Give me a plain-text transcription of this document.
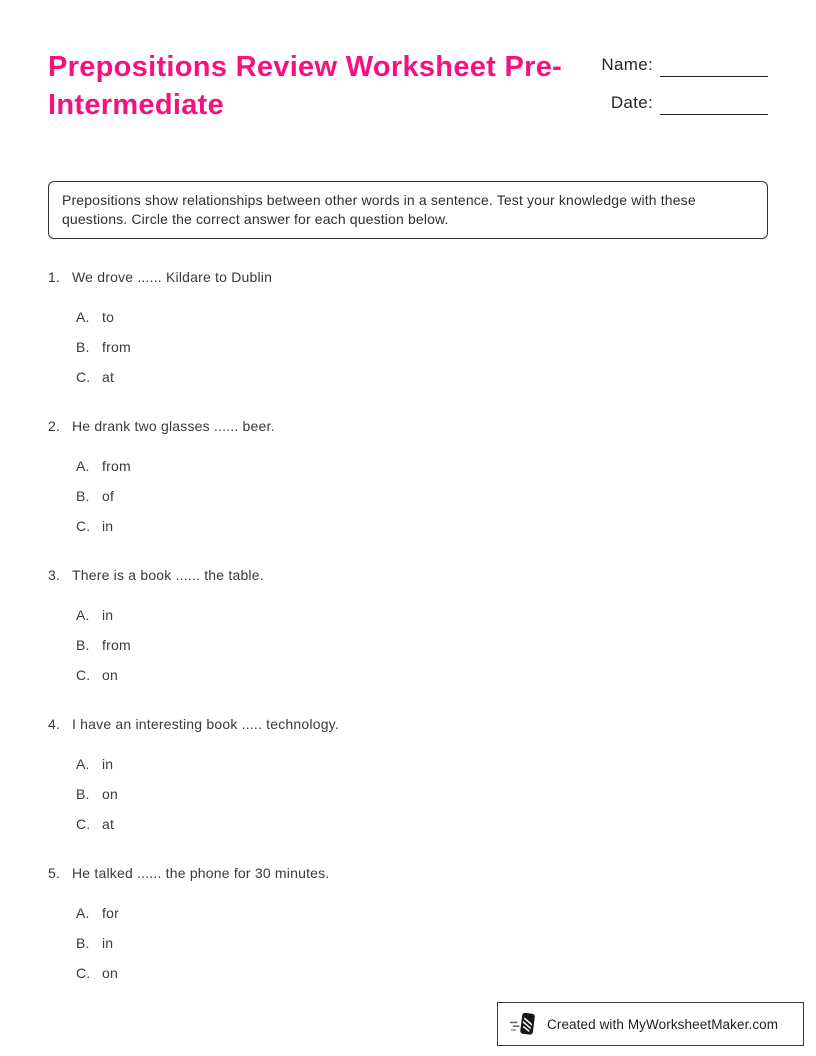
Prepositions Review Worksheet Pre-Intermediate
Name:
Date:
Prepositions show relationships between other words in a sentence. Test your knowledge with these questions. Circle the correct answer for each question below.
1. We drove ...... Kildare to Dublin
A. to
B. from
C. at
2. He drank two glasses ...... beer.
A. from
B. of
C. in
3. There is a book ...... the table.
A. in
B. from
C. on
4. I have an interesting book ..... technology.
A. in
B. on
C. at
5. He talked ...... the phone for 30 minutes.
A. for
B. in
C. on
Created with MyWorksheetMaker.com
